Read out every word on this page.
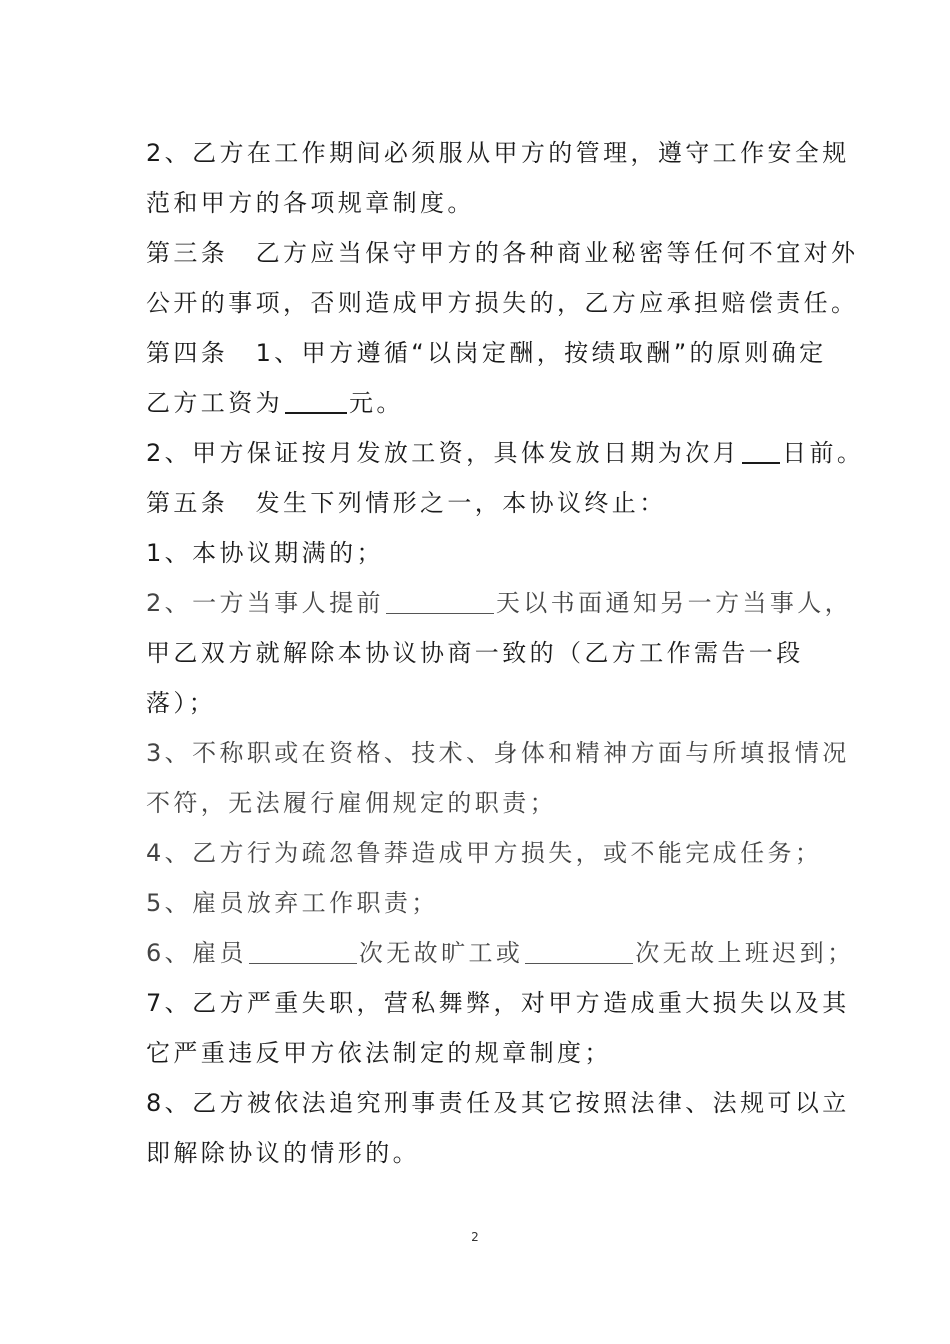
2、乙方在工作期间必须服从甲方的管理，遵守工作安全规
范和甲方的各项规章制度。
第三条　乙方应当保守甲方的各种商业秘密等任何不宜对外
公开的事项，否则造成甲方损失的，乙方应承担赔偿责任。
第四条　1、甲方遵循“以岗定酬，按绩取酬”的原则确定
乙方工资为	元。
2、甲方保证按月发放工资，具体发放日期为次月 日前。
第五条　发生下列情形之一，本协议终止：
1、本协议期满的；
2、一方当事人提前	天以书面通知另一方当事人，
甲乙双方就解除本协议协商一致的（乙方工作需告一段
落）；
3、不称职或在资格、技术、身体和精神方面与所填报情况
不符，无法履行雇佣规定的职责；
4、乙方行为疏忽鲁莽造成甲方损失，或不能完成任务；
5、雇员放弃工作职责；
6、雇员	次无故旷工或	次无故上班迟到；
7、乙方严重失职，营私舞弊，对甲方造成重大损失以及其
它严重违反甲方依法制定的规章制度；
8、乙方被依法追究刑事责任及其它按照法律、法规可以立
即解除协议的情形的。
2
